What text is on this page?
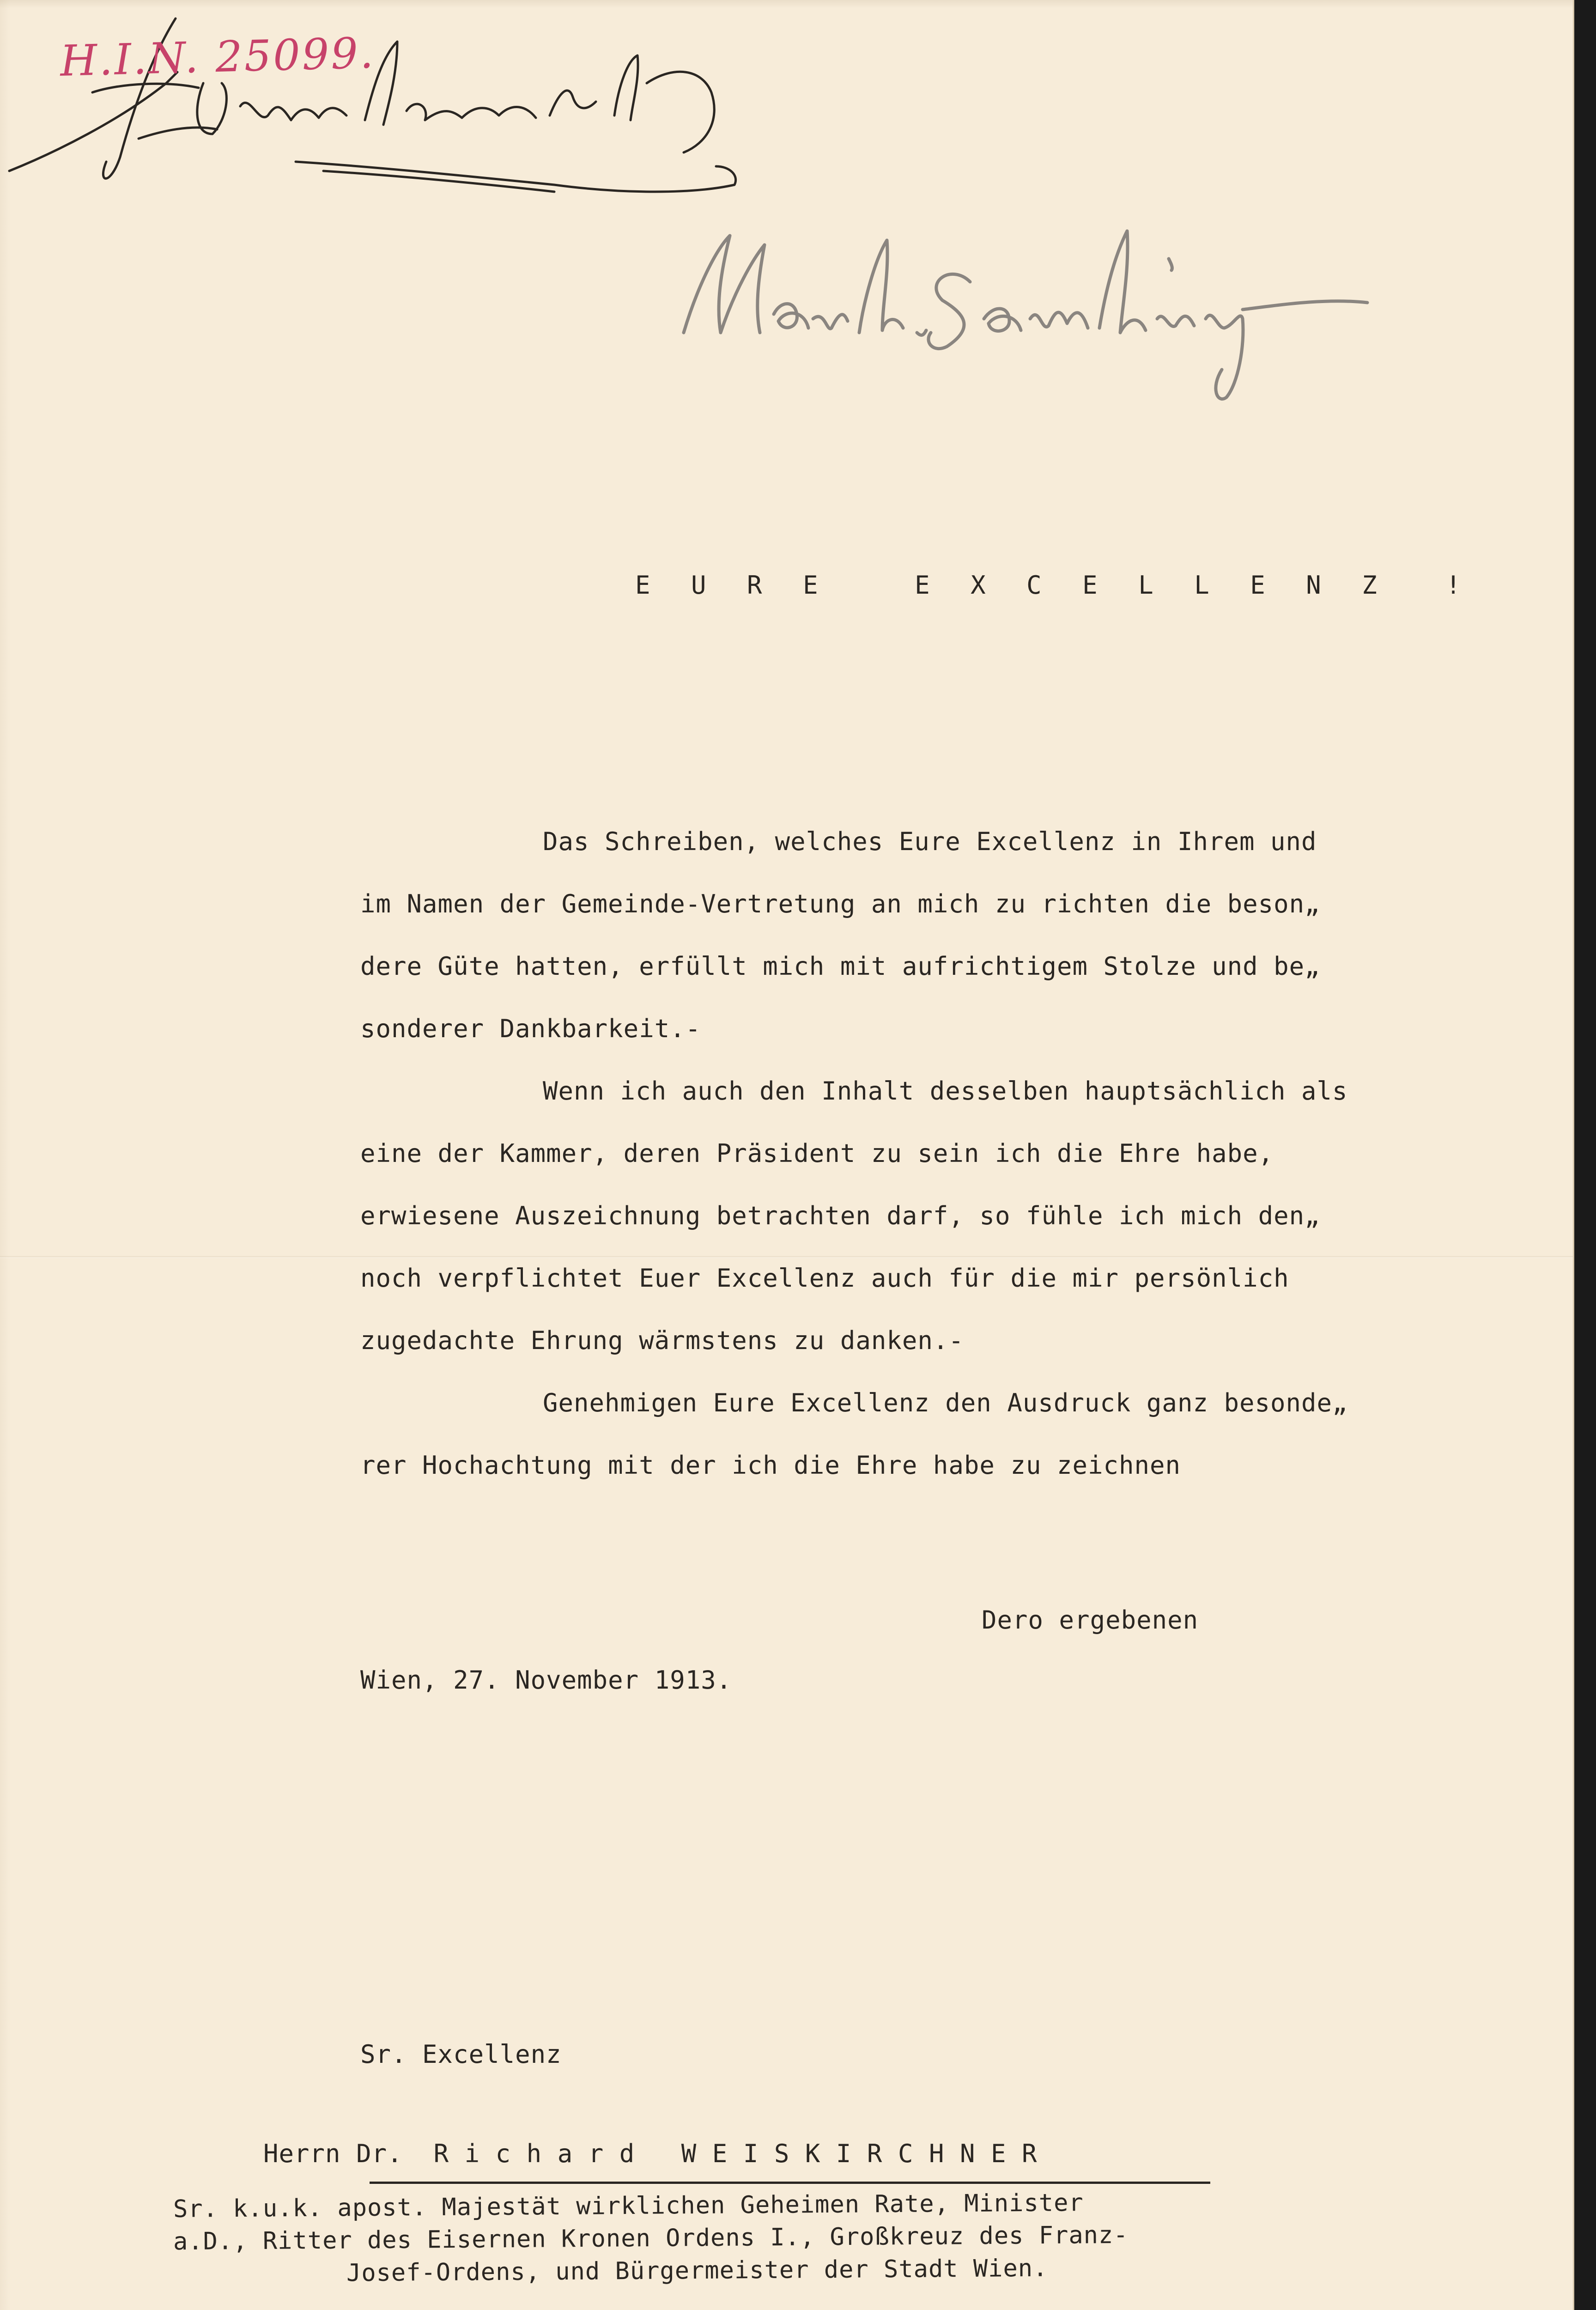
H.I.N. 25099.
E U R E   E X C E L L E N Z  !
Das Schreiben, welches Eure Excellenz in Ihrem und
im Namen der Gemeinde-Vertretung an mich zu richten die beson„
dere Güte hatten, erfüllt mich mit aufrichtigem Stolze und be„
sonderer Dankbarkeit.-
Wenn ich auch den Inhalt desselben hauptsächlich als
eine der Kammer, deren Präsident zu sein ich die Ehre habe,
erwiesene Auszeichnung betrachten darf, so fühle ich mich den„
noch verpflichtet Euer Excellenz auch für die mir persönlich
zugedachte Ehrung wärmstens zu danken.-
Genehmigen Eure Excellenz den Ausdruck ganz besonde„
rer Hochachtung mit der ich die Ehre habe zu zeichnen
Dero ergebenen
Wien, 27. November 1913.
Sr. Excellenz
Herrn Dr.  R i c h a r d   W E I S K I R C H N E R
Sr. k.u.k. apost. Majestät wirklichen Geheimen Rate, Minister
a.D., Ritter des Eisernen Kronen Ordens I., Großkreuz des Franz-
Josef-Ordens, und Bürgermeister der Stadt Wien.
